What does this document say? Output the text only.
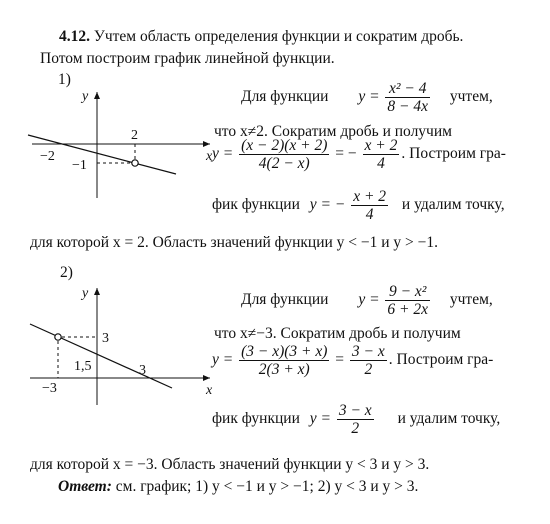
4.12. Учтем область определения функции и сократим дробь.
Потом построим график линейной функции.
1)
y
x
2
−2
−1
Для функции $y = \frac{\text{x² − 4}}{8 - 4x}$ учтем,
что x≠2. Сократим дробь и получим
$y = \frac{(x - 2)(x + 2)}{4(2 - x)}$ = − $\frac{x + 2}{4}$ . Построим гра-
фик функции y = − $\frac{x + 2}{4}$ и удалим точку,
для которой x = 2. Область значений функции y < −1 и y > −1.
2)
y
x
3
1,5	3
−3
Для функции $y = \frac{\text{9 − x²}}{6 + 2x}$ учтем,
что x≠−3. Сократим дробь и получим
$y = \frac{(3 - x)(3 + x)}{2(3 + x)} = \frac{3 - x}{2}$ . Построим гра-
фик функции $y = \frac{3 - x}{2}$ и удалим точку,
для которой x = −3. Область значений функции y < 3 и y > 3.
Ответ: см. график; 1) y < −1 и y > −1; 2) y < 3 и y > 3.
